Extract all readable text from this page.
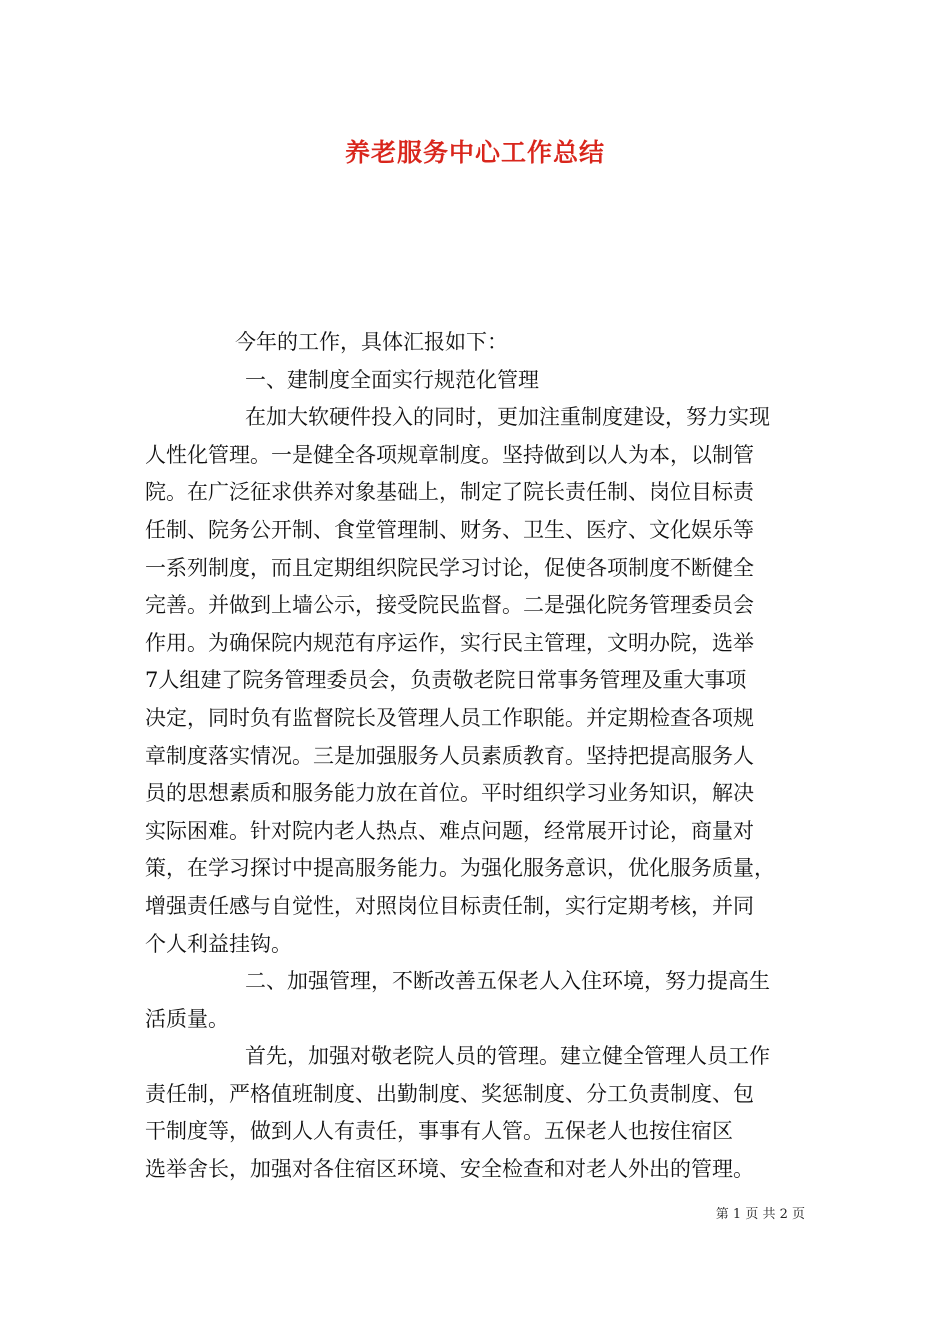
养老服务中心工作总结
今年的工作，具体汇报如下：
一、建制度全面实行规范化管理
在加大软硬件投入的同时，更加注重制度建设，努力实现
人性化管理。一是健全各项规章制度。坚持做到以人为本，以制管
院。在广泛征求供养对象基础上，制定了院长责任制、岗位目标责
任制、院务公开制、食堂管理制、财务、卫生、医疗、文化娱乐等
一系列制度，而且定期组织院民学习讨论，促使各项制度不断健全
完善。并做到上墙公示，接受院民监督。二是强化院务管理委员会
作用。为确保院内规范有序运作，实行民主管理，文明办院，选举
7人组建了院务管理委员会，负责敬老院日常事务管理及重大事项
决定，同时负有监督院长及管理人员工作职能。并定期检查各项规
章制度落实情况。三是加强服务人员素质教育。坚持把提高服务人
员的思想素质和服务能力放在首位。平时组织学习业务知识，解决
实际困难。针对院内老人热点、难点问题，经常展开讨论，商量对
策，在学习探讨中提高服务能力。为强化服务意识，优化服务质量，
增强责任感与自觉性，对照岗位目标责任制，实行定期考核，并同
个人利益挂钩。
二、加强管理，不断改善五保老人入住环境，努力提高生
活质量。
首先，加强对敬老院人员的管理。建立健全管理人员工作
责任制，严格值班制度、出勤制度、奖惩制度、分工负责制度、包
干制度等，做到人人有责任，事事有人管。五保老人也按住宿区
选举舍长，加强对各住宿区环境、安全检查和对老人外出的管理。
第 1 页 共 2 页
